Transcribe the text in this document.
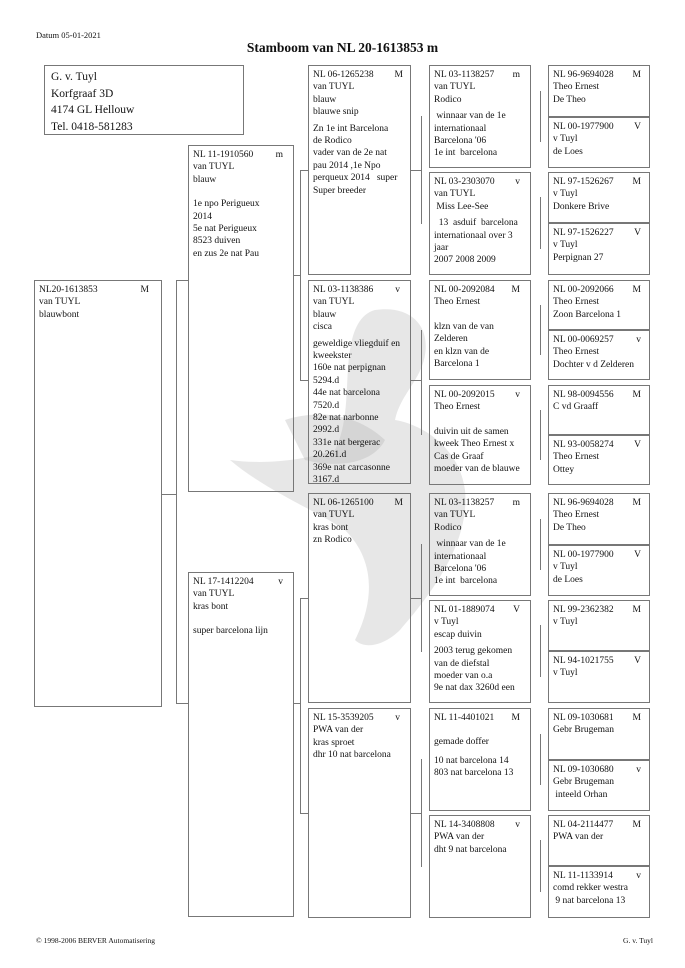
Datum 05-01-2021
Stamboom van NL 20-1613853 m
G. v. Tuyl
Korfgraaf 3D
4174 GL Hellouw
Tel. 0418-581283
NL20-1613853	M
van TUYL
blauwbont
NL 11-1910560 m
van TUYL
blauw
1e npo Perigueux
2014
5e nat Perigueux
8523 duiven
en zus 2e nat Pau
NL 17-1412204	v
van TUYL
kras bont
super barcelona lijn
NL 06-1265238 M
van TUYL
blauw
blauwe snip
Zn 1e int Barcelona
de Rodico
vader van de 2e nat
pau 2014 ,1e Npo
perqueux 2014   super
Super breeder
NL 03-1138386 v
van TUYL
blauw
cisca
geweldige vliegduif en
kweekster
160e nat perpignan
5294.d
44e nat barcelona
7520.d
82e nat narbonne
2992.d
331e nat bergerac
20.261.d
369e nat carcasonne
3167.d
NL 06-1265100 M
van TUYL
kras bont
zn Rodico
NL 15-3539205 v
PWA van der
kras sproet
dhr 10 nat barcelona
NL 03-1138257 m
van TUYL
Rodico
winnaar van de 1e
internationaal
Barcelona '06
1e int  barcelona
NL 03-2303070 v
van TUYL
Miss Lee-See
13  asduif  barcelona
internationaal over 3
jaar
2007 2008 2009
NL 00-2092084 M
Theo Ernest
klzn van de van
Zelderen
en klzn van de
Barcelona 1
NL 00-2092015 v
Theo Ernest
duivin uit de samen
kweek Theo Ernest x
Cas de Graaf
moeder van de blauwe
NL 03-1138257 m
van TUYL
Rodico
winnaar van de 1e
internationaal
Barcelona '06
1e int  barcelona
NL 01-1889074 V
v Tuyl
escap duivin
2003 terug gekomen
van de diefstal
moeder van o.a
9e nat dax 3260d een
NL 11-4401021 M
gemade doffer
10 nat barcelona 14
803 nat barcelona 13
NL 14-3408808 v
PWA van der
dht 9 nat barcelona
NL 96-9694028 M
Theo Ernest
De Theo
NL 00-1977900 V
v Tuyl
de Loes
NL 97-1526267 M
v Tuyl
Donkere Brive
NL 97-1526227 V
v Tuyl
Perpignan 27
NL 00-2092066 M
Theo Ernest
Zoon Barcelona 1
NL 00-0069257 v
Theo Ernest
Dochter v d Zelderen
NL 98-0094556 M
C vd Graaff
NL 93-0058274 V
Theo Ernest
Ottey
NL 96-9694028 M
Theo Ernest
De Theo
NL 00-1977900 V
v Tuyl
de Loes
NL 99-2362382 M
v Tuyl
NL 94-1021755 V
v Tuyl
NL 09-1030681 M
Gebr Brugeman
NL 09-1030680 v
Gebr Brugeman
inteeld Orhan
NL 04-2114477 M
PWA van der
NL 11-1133914 v
comd rekker westra
9 nat barcelona 13
© 1998-2006 BERVER Automatisering	G. v. Tuyl
